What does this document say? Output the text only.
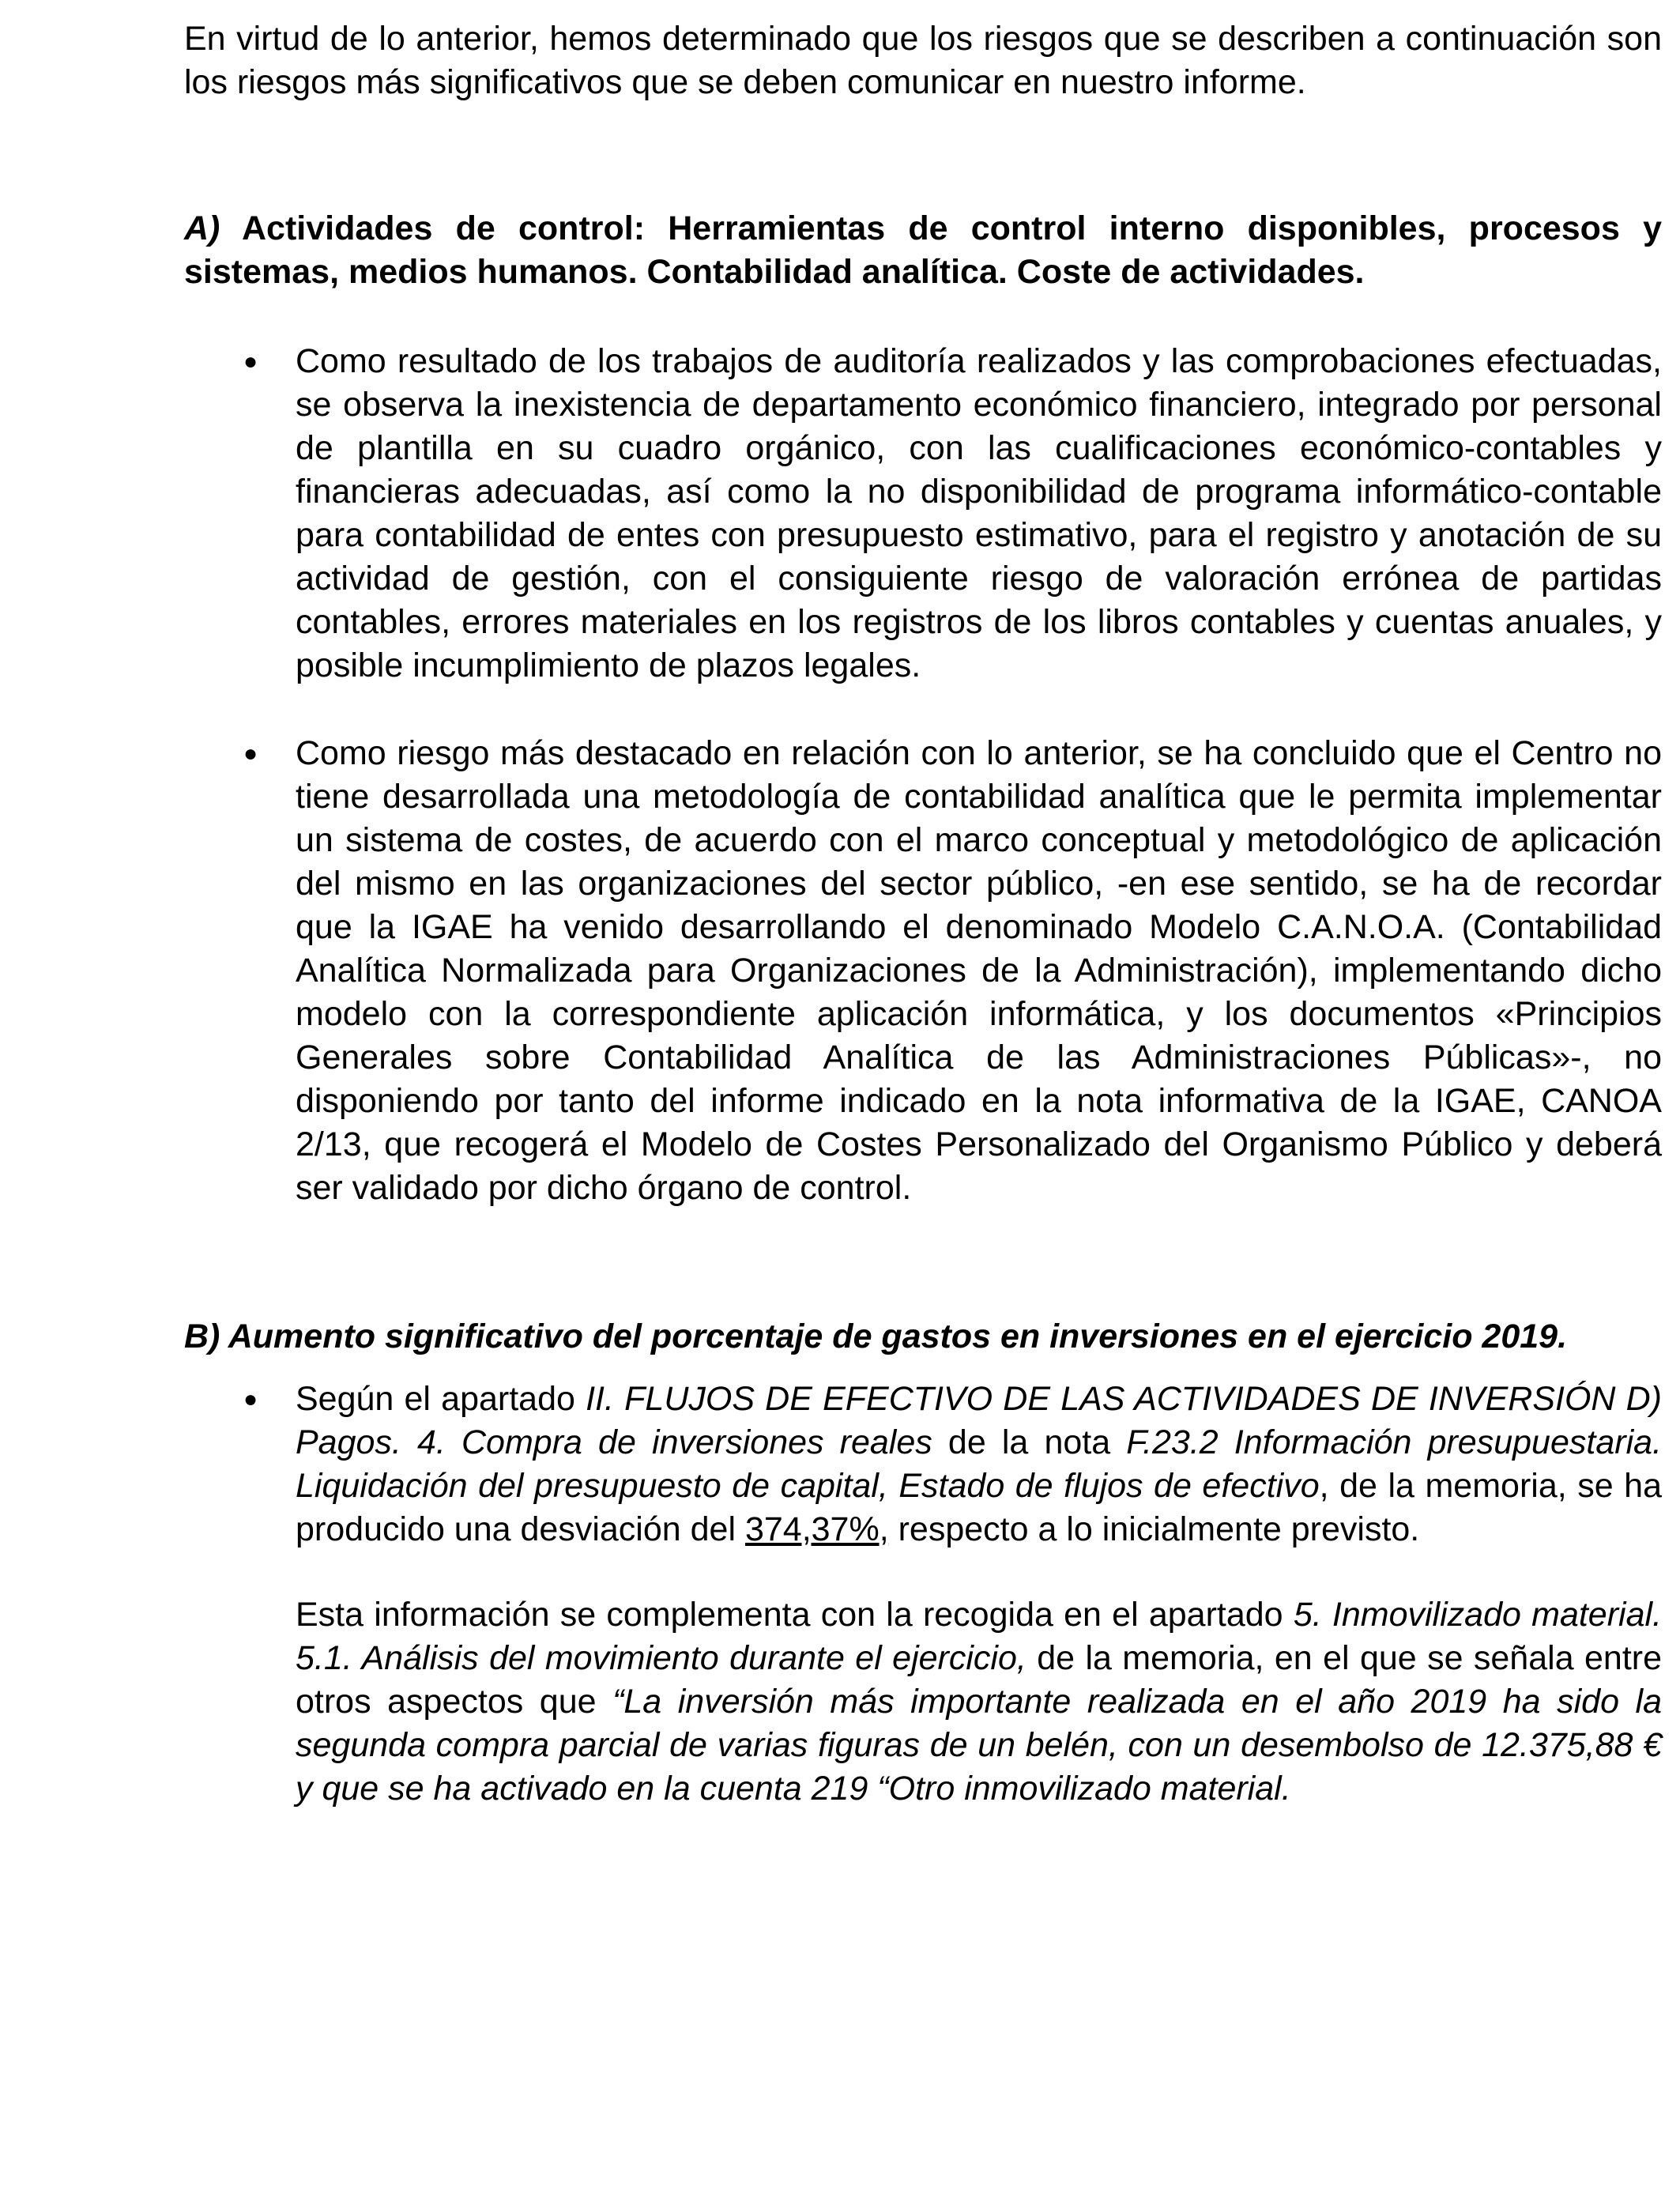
En virtud de lo anterior, hemos determinado que los riesgos que se describen a continuación son los riesgos más significativos que se deben comunicar en nuestro informe.

A) Actividades de control: Herramientas de control interno disponibles, procesos y sistemas, medios humanos. Contabilidad analítica. Coste de actividades.
● Como resultado de los trabajos de auditoría realizados y las comprobaciones efectuadas, se observa la inexistencia de departamento económico financiero, integrado por personal de plantilla en su cuadro orgánico, con las cualificaciones económico-contables y financieras adecuadas, así como la no disponibilidad de programa informático-contable para contabilidad de entes con presupuesto estimativo, para el registro y anotación de su actividad de gestión, con el consiguiente riesgo de valoración errónea de partidas contables, errores materiales en los registros de los libros contables y cuentas anuales, y posible incumplimiento de plazos legales.

● Como riesgo más destacado en relación con lo anterior, se ha concluido que el Centro no tiene desarrollada una metodología de contabilidad analítica que le permita implementar un sistema de costes, de acuerdo con el marco conceptual y metodológico de aplicación del mismo en las organizaciones del sector público, -en ese sentido, se ha de recordar que la IGAE ha venido desarrollando el denominado Modelo C.A.N.O.A. (Contabilidad Analítica Normalizada para Organizaciones de la Administración), implementando dicho modelo con la correspondiente aplicación informática, y los documentos «Principios Generales sobre Contabilidad Analítica de las Administraciones Públicas»-, no disponiendo por tanto del informe indicado en la nota informativa de la IGAE, CANOA 2/13, que recogerá el Modelo de Costes Personalizado del Organismo Público y deberá ser validado por dicho órgano de control.

B) Aumento significativo del porcentaje de gastos en inversiones en el ejercicio 2019.
● Según el apartado II. FLUJOS DE EFECTIVO DE LAS ACTIVIDADES DE INVERSIÓN D) Pagos. 4. Compra de inversiones reales de la nota F.23.2 Información presupuestaria. Liquidación del presupuesto de capital, Estado de flujos de efectivo, de la memoria, se ha producido una desviación del 374,37%, respecto a lo inicialmente previsto.

Esta información se complementa con la recogida en el apartado 5. Inmovilizado material. 5.1. Análisis del movimiento durante el ejercicio, de la memoria, en el que se señala entre otros aspectos que “La inversión más importante realizada en el año 2019 ha sido la segunda compra parcial de varias figuras de un belén, con un desembolso de 12.375,88 € y que se ha activado en la cuenta 219 “Otro inmovilizado material.
